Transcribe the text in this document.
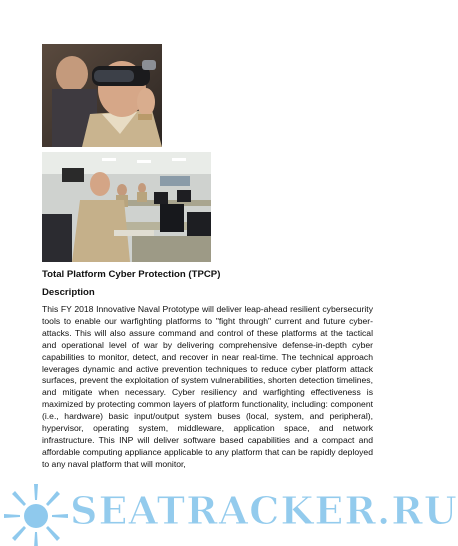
Total Platform Cyber Protection (TPCP)
Description

This FY 2018 Innovative Naval Prototype will deliver leap-ahead resilient cybersecurity tools to enable our warfighting platforms to "fight through" current and future cyber-attacks. This will also assure command and control of these platforms at the tactical and operational level of war by delivering comprehensive defense-in-depth cyber capabilities to monitor, detect, and recover in near real-time. The technical approach leverages dynamic and active prevention techniques to reduce cyber platform attack surfaces, prevent the exploitation of system vulnerabilities, shorten detection timelines, and mitigate when necessary. Cyber resiliency and warfighting effectiveness is maximized by protecting common layers of platform functionality, including: component (i.e., hardware) basic input/output system buses (local, system, and peripheral), hypervisor, operating system, middleware, application space, and network infrastructure. This INP will deliver software based capabilities and a compact and affordable computing appliance applicable to any platform that can be rapidly deployed to any naval platform that will monitor,

SEATRACKER.RU
